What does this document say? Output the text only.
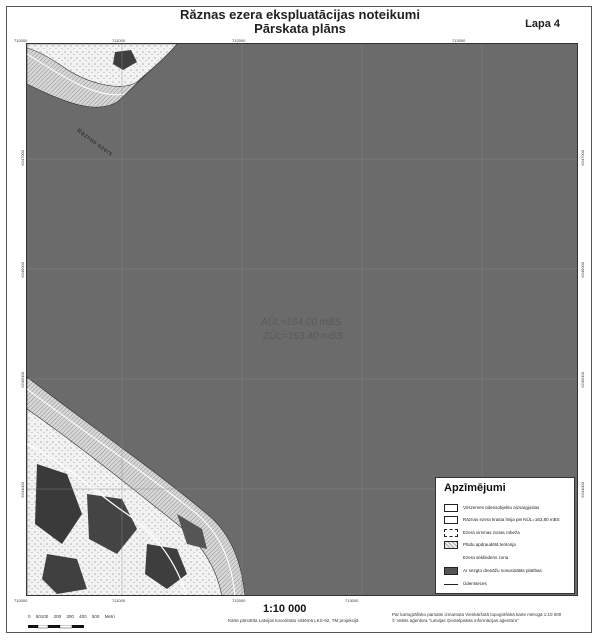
Răznas ezera ekspluatācijas noteikumi
Pārskata plāns	Lapa 4
Rāznas ezers
NŪL=163.80 mBS
AŪL=164.00 mBS
ZŪL=163.40 mBS
710000	711000	712000	713000
710000	711000	712000	713000
6247000
6246000
6245000
6244000
6247000
6246000
6245000
6244000
Apzīmējumi
Virszemes ūdensobjektu aizsargjoslas
Rāznas ezera krasta līnija pie NŪL=163,80 mBS
Ezera virsmas zonas robeža
Plūdu apdraudētā teritorija
Ezera sekliūdens zona
Ar sezgto drenāžu nosusinātās platības
Ūdensteces
1:10 000
0 50100 200 300 400 500 Metri
Karte pārsūtīta Latvijas koordinātu sistēmā LKS-92, TM projekcijā
Par kartogrāfisko pamatni izmantota Vienkāršotā topogrāfiskā karte mērogā 1:10 000
© Valsts aģentūra "Latvijas Ģeotelpiskās informācijas aģentūra"
